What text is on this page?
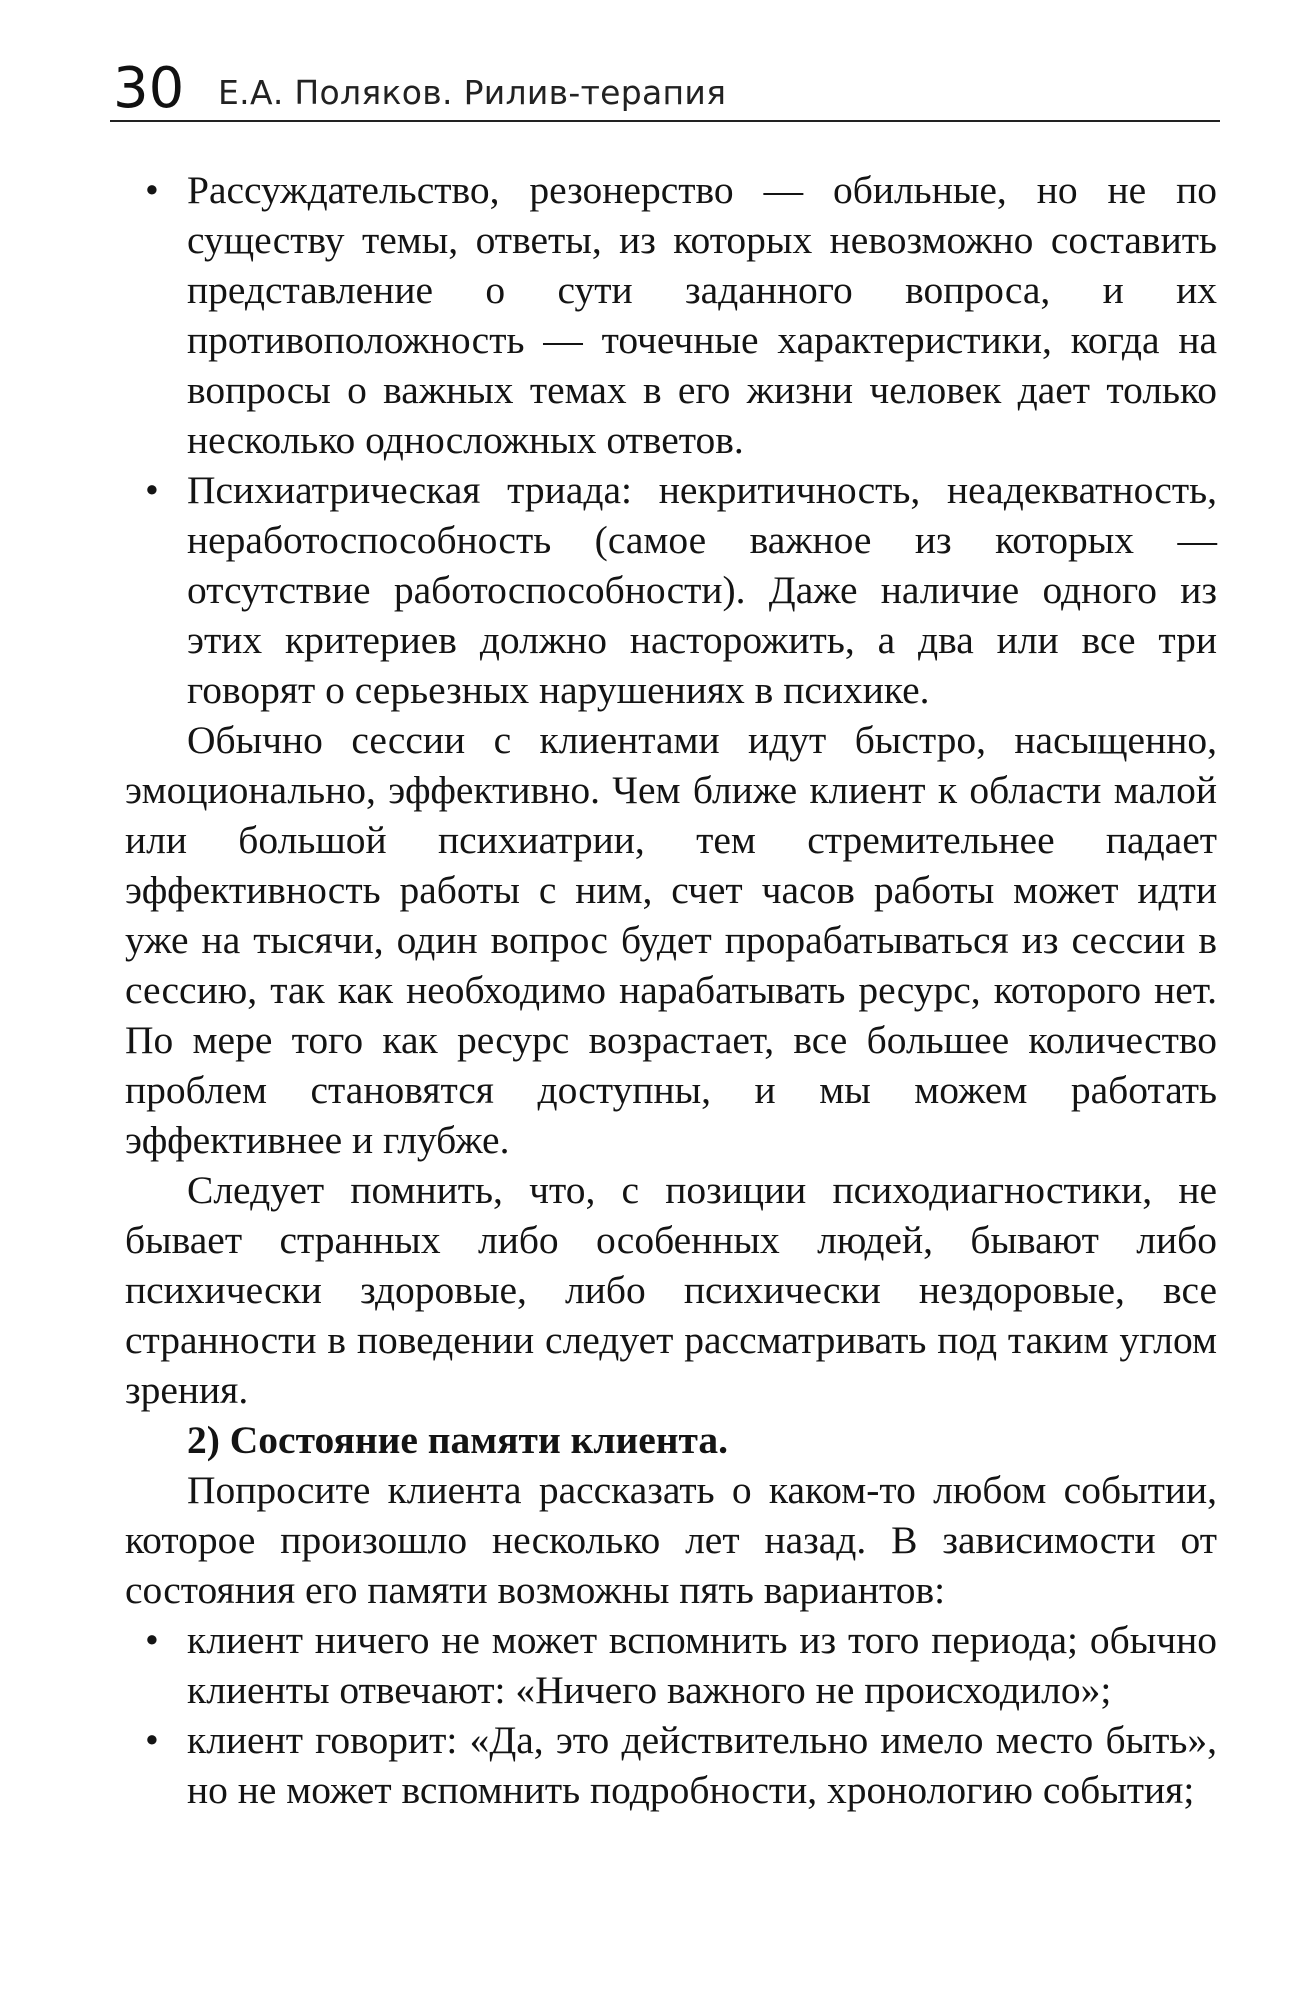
30 Е.А. Поляков. Рилив-терапия

• Рассуждательство, резонерство — обильные, но не по существу темы, ответы, из которых невозможно составить представление о сути заданного вопроса, и их противоположность — точечные характеристики, когда на вопросы о важных темах в его жизни человек дает только несколько односложных ответов.

• Психиатрическая триада: некритичность, неадекватность, неработоспособность (самое важное из которых — отсутствие работоспособности). Даже наличие одного из этих критериев должно насторожить, а два или все три говорят о серьезных нарушениях в психике.

Обычно сессии с клиентами идут быстро, насыщенно, эмоционально, эффективно. Чем ближе клиент к области малой или большой психиатрии, тем стремительнее падает эффективность работы с ним, счет часов работы может идти уже на тысячи, один вопрос будет прорабатываться из сессии в сессию, так как необходимо нарабатывать ресурс, которого нет. По мере того как ресурс возрастает, все большее количество проблем становятся доступны, и мы можем работать эффективнее и глубже.

Следует помнить, что, с позиции психодиагностики, не бывает странных либо особенных людей, бывают либо психически здоровые, либо психически нездоровые, все странности в поведении следует рассматривать под таким углом зрения.

2) Состояние памяти клиента.

Попросите клиента рассказать о каком-то любом событии, которое произошло несколько лет назад. В зависимости от состояния его памяти возможны пять вариантов:

• клиент ничего не может вспомнить из того периода; обычно клиенты отвечают: «Ничего важного не происходило»;

• клиент говорит: «Да, это действительно имело место быть», но не может вспомнить подробности, хронологию события;
